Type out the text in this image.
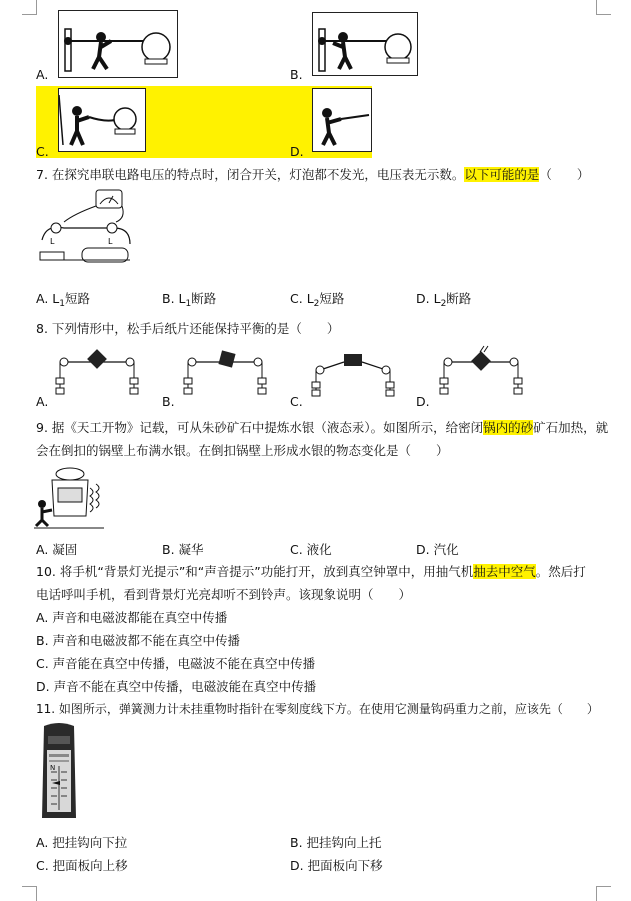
A.	B.
C.	D.
7. 在探究串联电路电压的特点时，闭合开关，灯泡都不发光，电压表无示数。以下可能的是（　　）
L	L
A. $L_1$短路	B. $L_1$断路	C. $L_2$短路	D. $L_2$断路
8. 下列情形中，松手后纸片还能保持平衡的是（　　）
A.	B.	C.	D.
9. 据《天工开物》记载，可从朱砂矿石中提炼水银（液态汞）。如图所示，给密闭锅内的砂矿石加热，就
会在倒扣的锅壁上布满水银。在倒扣锅壁上形成水银的物态变化是（　　）
A. 凝固	B. 凝华	C. 液化	D. 汽化
10. 将手机“背景灯光提示”和“声音提示”功能打开，放到真空钟罩中，用抽气机抽去中空气。然后打
电话呼叫手机，看到背景灯光亮却听不到铃声。该现象说明（　　）
A. 声音和电磁波都能在真空中传播
B. 声音和电磁波都不能在真空中传播
C. 声音能在真空中传播，电磁波不能在真空中传播
D. 声音不能在真空中传播，电磁波能在真空中传播
11. 如图所示，弹簧测力计未挂重物时指针在零刻度线下方。在使用它测量钩码重力之前，应该先（　　）
N
A. 把挂钩向下拉	B. 把挂钩向上托
C. 把面板向上移	D. 把面板向下移
